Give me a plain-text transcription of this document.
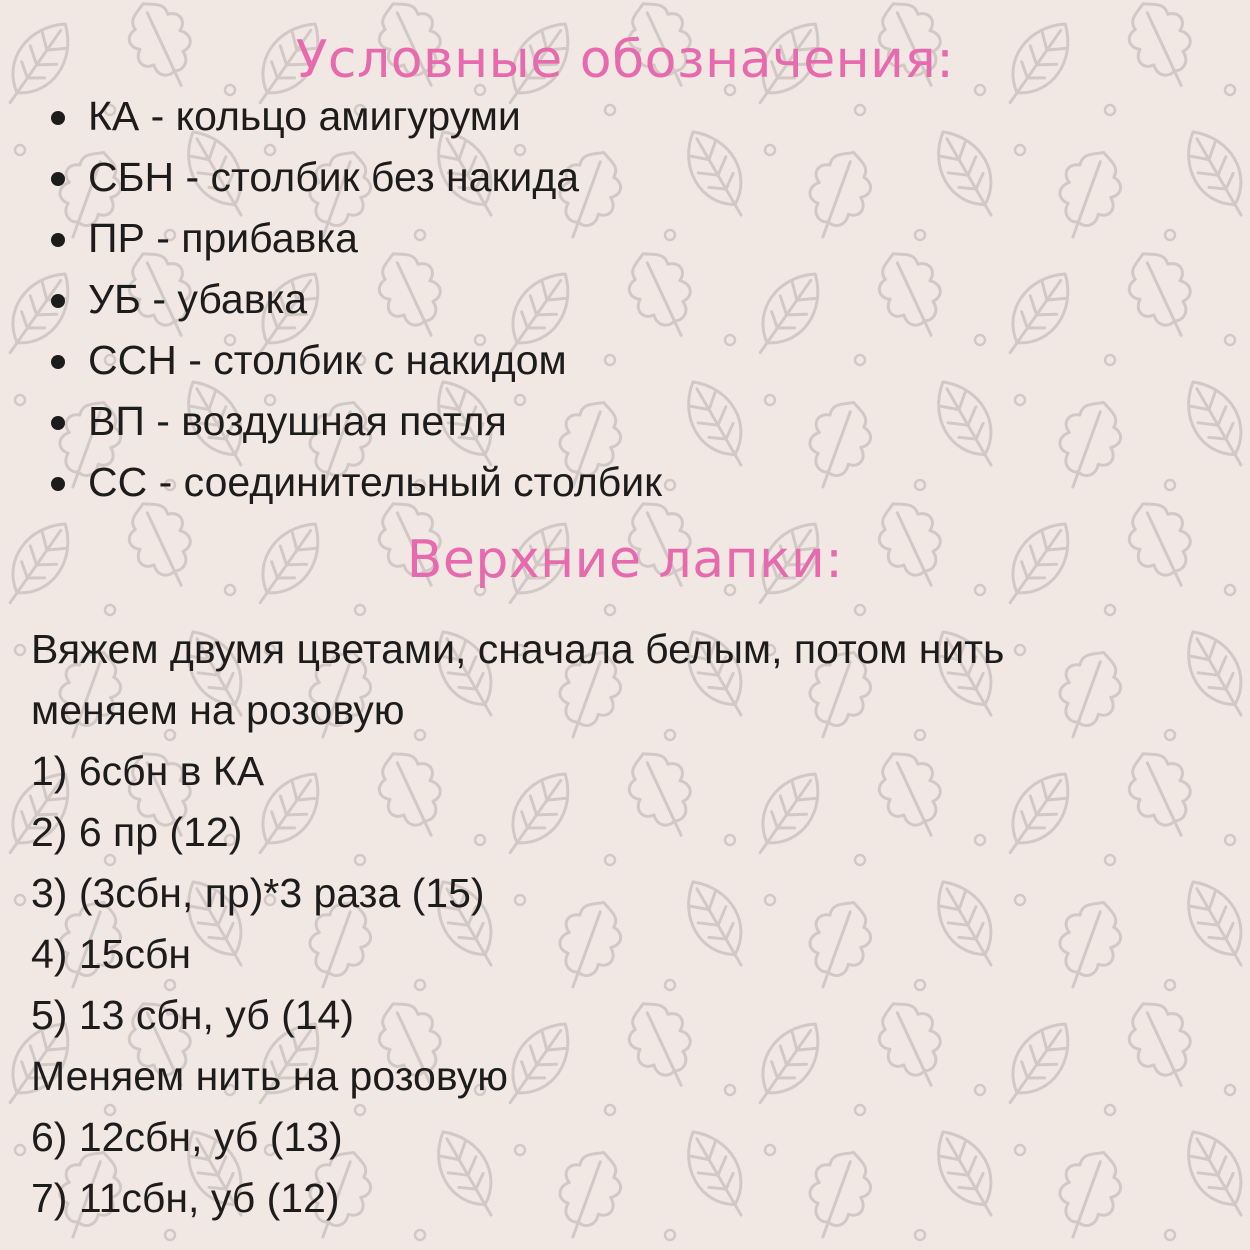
Условные обозначения:
КА - кольцо амигуруми
СБН - столбик без накида
ПР - прибавка
УБ - убавка
ССН - столбик с накидом
ВП - воздушная петля
СС - соединительный столбик
Верхние лапки:
Вяжем двумя цветами, сначала белым, потом нить
меняем на розовую
1) 6сбн в КА
2) 6 пр (12)
3) (3сбн, пр)*3 раза (15)
4) 15сбн
5) 13 сбн, уб (14)
Меняем нить на розовую
6) 12сбн, уб (13)
7) 11сбн, уб (12)
